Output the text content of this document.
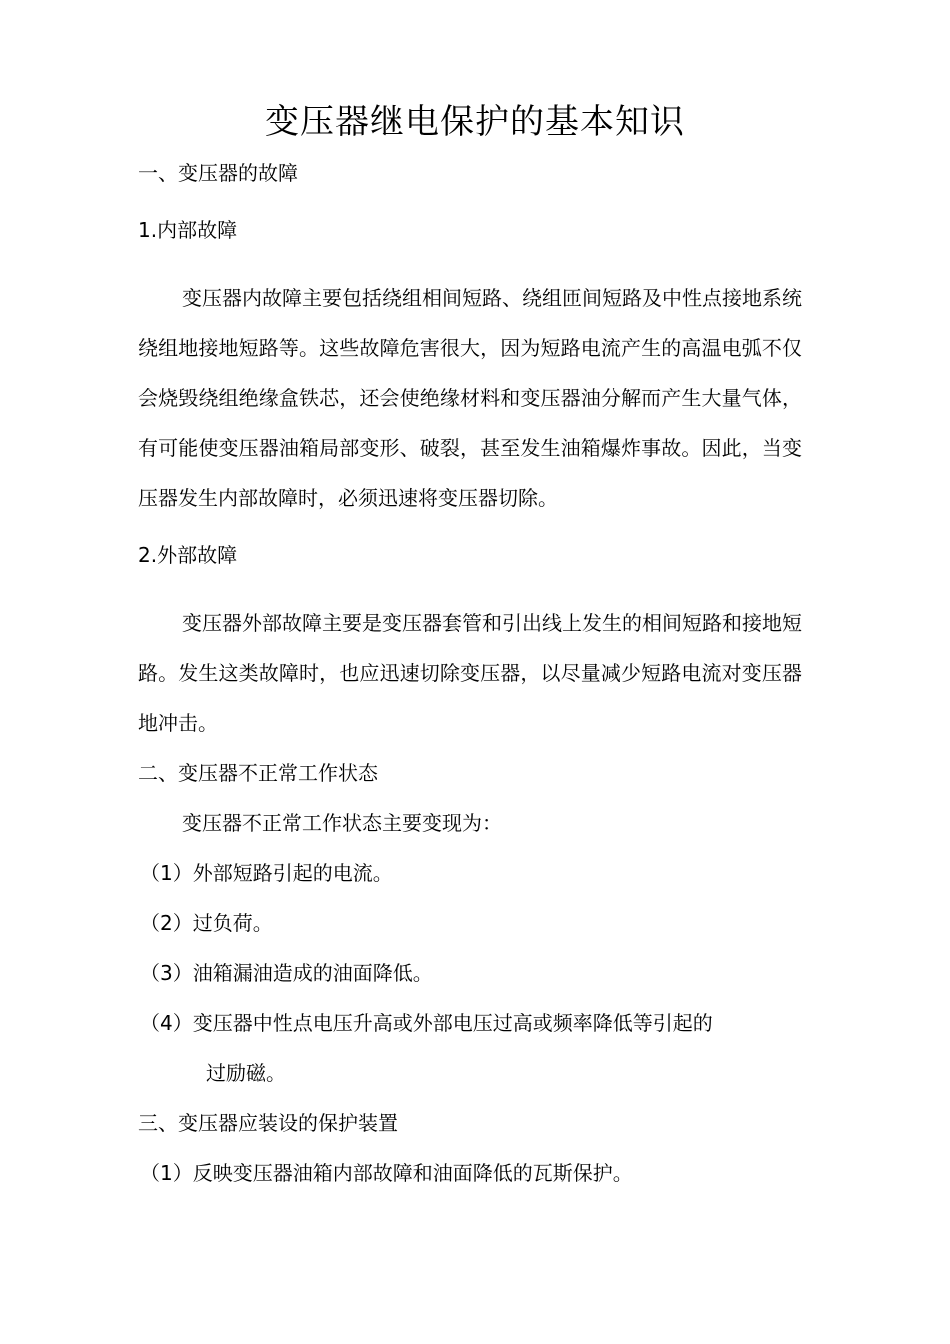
变压器继电保护的基本知识
一、变压器的故障
1.内部故障

变压器内故障主要包括绕组相间短路、绕组匝间短路及中性点接地系统绕组地接地短路等。这些故障危害很大，因为短路电流产生的高温电弧不仅会烧毁绕组绝缘盒铁芯，还会使绝缘材料和变压器油分解而产生大量气体，有可能使变压器油箱局部变形、破裂，甚至发生油箱爆炸事故。因此，当变压器发生内部故障时，必须迅速将变压器切除。

2.外部故障

变压器外部故障主要是变压器套管和引出线上发生的相间短路和接地短路。发生这类故障时，也应迅速切除变压器，以尽量减少短路电流对变压器地冲击。

二、变压器不正常工作状态
变压器不正常工作状态主要变现为：
（1）外部短路引起的电流。
（2）过负荷。
（3）油箱漏油造成的油面降低。
（4）变压器中性点电压升高或外部电压过高或频率降低等引起的
过励磁。
三、变压器应装设的保护装置
（1）反映变压器油箱内部故障和油面降低的瓦斯保护。
